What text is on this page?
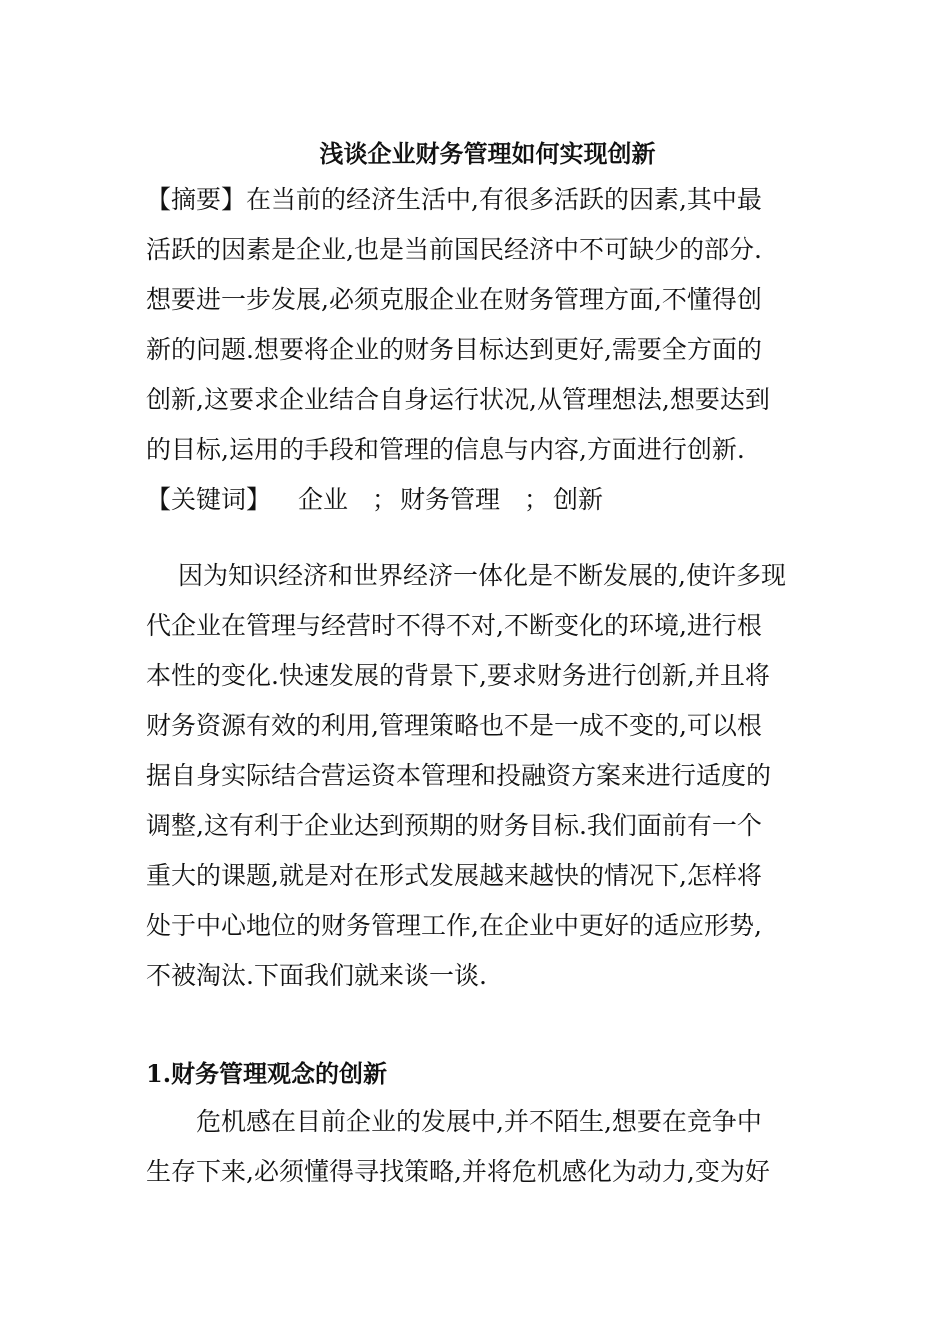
浅谈企业财务管理如何实现创新
【摘要】在当前的经济生活中,有很多活跃的因素,其中最
活跃的因素是企业,也是当前国民经济中不可缺少的部分.
想要进一步发展,必须克服企业在财务管理方面,不懂得创
新的问题.想要将企业的财务目标达到更好,需要全方面的
创新,这要求企业结合自身运行状况,从管理想法,想要达到
的目标,运用的手段和管理的信息与内容,方面进行创新.
【关键词】 企业 ； 财务管理 ； 创新
因为知识经济和世界经济一体化是不断发展的,使许多现
代企业在管理与经营时不得不对,不断变化的环境,进行根
本性的变化.快速发展的背景下,要求财务进行创新,并且将
财务资源有效的利用,管理策略也不是一成不变的,可以根
据自身实际结合营运资本管理和投融资方案来进行适度的
调整,这有利于企业达到预期的财务目标.我们面前有一个
重大的课题,就是对在形式发展越来越快的情况下,怎样将
处于中心地位的财务管理工作,在企业中更好的适应形势,
不被淘汰.下面我们就来谈一谈.
1.财务管理观念的创新
危机感在目前企业的发展中,并不陌生,想要在竞争中
生存下来,必须懂得寻找策略,并将危机感化为动力,变为好
